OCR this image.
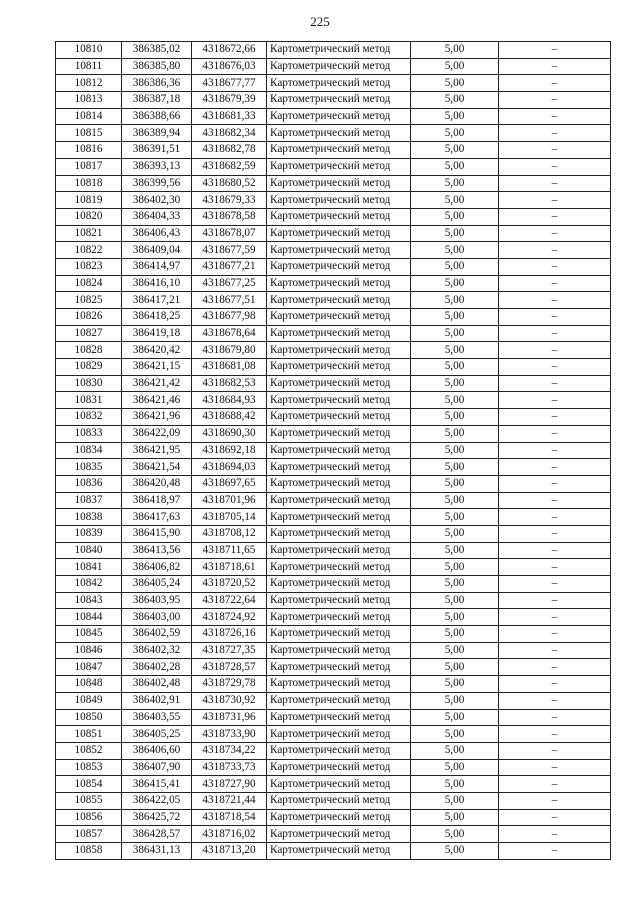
225
10810	386385,02	4318672,66	Картометрический метод	5,00	–
10811	386385,80	4318676,03	Картометрический метод	5,00	–
10812	386386,36	4318677,77	Картометрический метод	5,00	–
10813	386387,18	4318679,39	Картометрический метод	5,00	–
10814	386388,66	4318681,33	Картометрический метод	5,00	–
10815	386389,94	4318682,34	Картометрический метод	5,00	–
10816	386391,51	4318682,78	Картометрический метод	5,00	–
10817	386393,13	4318682,59	Картометрический метод	5,00	–
10818	386399,56	4318680,52	Картометрический метод	5,00	–
10819	386402,30	4318679,33	Картометрический метод	5,00	–
10820	386404,33	4318678,58	Картометрический метод	5,00	–
10821	386406,43	4318678,07	Картометрический метод	5,00	–
10822	386409,04	4318677,59	Картометрический метод	5,00	–
10823	386414,97	4318677,21	Картометрический метод	5,00	–
10824	386416,10	4318677,25	Картометрический метод	5,00	–
10825	386417,21	4318677,51	Картометрический метод	5,00	–
10826	386418,25	4318677,98	Картометрический метод	5,00	–
10827	386419,18	4318678,64	Картометрический метод	5,00	–
10828	386420,42	4318679,80	Картометрический метод	5,00	–
10829	386421,15	4318681,08	Картометрический метод	5,00	–
10830	386421,42	4318682,53	Картометрический метод	5,00	–
10831	386421,46	4318684,93	Картометрический метод	5,00	–
10832	386421,96	4318688,42	Картометрический метод	5,00	–
10833	386422,09	4318690,30	Картометрический метод	5,00	–
10834	386421,95	4318692,18	Картометрический метод	5,00	–
10835	386421,54	4318694,03	Картометрический метод	5,00	–
10836	386420,48	4318697,65	Картометрический метод	5,00	–
10837	386418,97	4318701,96	Картометрический метод	5,00	–
10838	386417,63	4318705,14	Картометрический метод	5,00	–
10839	386415,90	4318708,12	Картометрический метод	5,00	–
10840	386413,56	4318711,65	Картометрический метод	5,00	–
10841	386406,82	4318718,61	Картометрический метод	5,00	–
10842	386405,24	4318720,52	Картометрический метод	5,00	–
10843	386403,95	4318722,64	Картометрический метод	5,00	–
10844	386403,00	4318724,92	Картометрический метод	5,00	–
10845	386402,59	4318726,16	Картометрический метод	5,00	–
10846	386402,32	4318727,35	Картометрический метод	5,00	–
10847	386402,28	4318728,57	Картометрический метод	5,00	–
10848	386402,48	4318729,78	Картометрический метод	5,00	–
10849	386402,91	4318730,92	Картометрический метод	5,00	–
10850	386403,55	4318731,96	Картометрический метод	5,00	–
10851	386405,25	4318733,90	Картометрический метод	5,00	–
10852	386406,60	4318734,22	Картометрический метод	5,00	–
10853	386407,90	4318733,73	Картометрический метод	5,00	–
10854	386415,41	4318727,90	Картометрический метод	5,00	–
10855	386422,05	4318721,44	Картометрический метод	5,00	–
10856	386425,72	4318718,54	Картометрический метод	5,00	–
10857	386428,57	4318716,02	Картометрический метод	5,00	–
10858	386431,13	4318713,20	Картометрический метод	5,00	–
